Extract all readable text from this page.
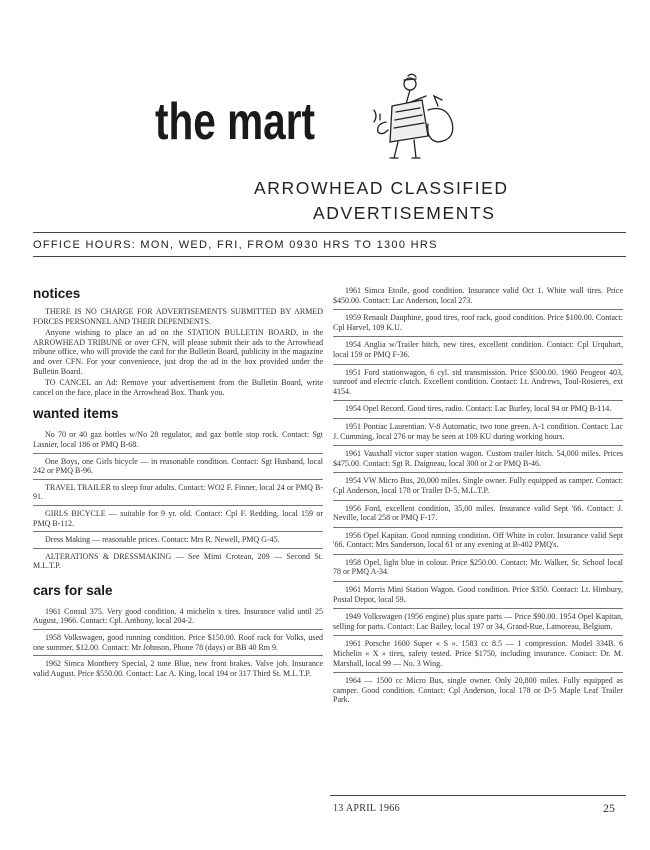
the mart
ARROWHEAD CLASSIFIED
ADVERTISEMENTS
OFFICE HOURS: MON, WED, FRI, FROM 0930 HRS TO 1300 HRS
notices

THERE IS NO CHARGE FOR ADVERTISEMENTS SUBMITTED BY ARMED FORCES PERSONNEL AND THEIR DEPENDENTS.

Anyone wishing to place an ad on the STATION BULLETIN BOARD, in the ARROWHEAD TRIBUNE or over CFN, will please submit their ads to the Arrowhead tribune office, who will provide the card for the Bulletin Board, publicity in the magazine and over CFN. For your convenience, just drop the ad in the box provided under the Bulletin Board.

TO CANCEL an Ad: Remove your advertisement from the Bulletin Board, write cancel on the face, place in the Arrowhead Box. Thank you.

wanted items
No 70 or 40 gaz bottles w/No 28 regulator, and gaz bottle stop rock. Contact: Sgt Lasnier, local 186 or PMQ B-68.
One Boys, one Girls bicycle — in reasonable condition. Contact: Sgt Husband, local 242 or PMQ B-96.
TRAVEL TRAILER to sleep four adults. Contact: WO2 F. Finner, local 24 or PMQ B-91.
GIRLS BICYCLE — suitable for 9 yr. old. Contact: Cpl F. Redding, local 159 or PMQ B-112.
Dress Making — reasonable prices. Contact: Mrs R. Newell, PMQ G-45.
ALTERATIONS & DRESSMAKING — See Mimi Crotean, 209 — Second St. M.L.T.P.
cars for sale
1961 Consul 375. Very good condition. 4 michelin x tires. Insurance valid until 25 August, 1966. Contact: Cpl. Anthony, local 204-2.
1958 Volkswagen, good running condition. Price $150.00. Roof rack for Volks, used one summer, $12.00. Contact: Mr Johnson, Phone 78 (days) or BB 40 Rm 9.
1962 Simca Monthery Special, 2 tone Blue, new front brakes. Valve job. Insurance valid August. Price $550.00. Contact: Lac A. King, local 194 or 317 Third St. M.L.T.P.
1961 Simca Etoile, good condition. Insurance valid Oct 1. White wall tires. Price $450.00. Contact: Lac Anderson, local 273.
1959 Renault Dauphine, good tires, roof rack, good condition. Price $100.00. Contact: Cpl Harvel, 109 K.U.
1954 Anglia w/Trailer hitch, new tires, excellent condition. Contact: Cpl Urquhart, local 159 or PMQ F-36.
1951 Ford stationwagon, 6 cyl. std transmission. Price $500.00. 1960 Peugeot 403, sunroof and electric clutch. Excellent condition. Contact: Lt. Andrews, Toul-Rosieres, ext 4154.
1954 Opel Record. Good tires, radio. Contact: Lac Burley, local 94 or PMQ B-114.
1951 Pontiac Laurentian. V-8 Automatic, two tone green. A-1 condition. Contact: Lac J. Cumming, local 276 or may be seen at 109 KU during working hours.
1961 Vauxhall victor super station wagon. Custom trailer hitch. 54,000 miles. Prices $475.00. Contact: Sgt R. Daigneau, local 300 or 2 or PMQ B-46.
1954 VW Micro Bus, 20,000 miles. Single owner. Fully equipped as camper. Contact: Cpl Anderson, local 178 or Trailer D-5, M.L.T.P.
1956 Ford, excellent condition, 35,00 miles. Insurance valid Sept '66. Contact: J. Neville, local 258 or PMQ F-17.
1956 Opel Kapitan. Good running condition. Off White in color. Insurance valid Sept '66. Contact: Mrs Sanderson, local 61 or any evening at B-402 PMQ's.
1958 Opel, light blue in colour. Price $250.00. Contact: Mr. Walker, Sr. School local 78 or PMQ A-34.
1961 Morris Mini Station Wagon. Good condition. Price $350. Contact: Lt. Himbury, Postal Depot, local 59.
1949 Volkswagen (1956 engine) plus spare parts — Price $90.00. 1954 Opel Kapitan, selling for parts. Contact: Lac Bailey, local 197 or 34, Grand-Rue, Lamoreau, Belgium.
1961 Porsche 1600 Super « S ». 1583 cc 8.5 — 1 compression. Model 334B. 6 Michelin « X » tires, safety tested. Price $1750, including insurance. Contact: Dr. M. Marshall, local 99 — No. 3 Wing.
1964 — 1500 cc Micro Bus, single owner. Only 20,800 miles. Fully equipped as camper. Good condition. Contact: Cpl Anderson, local 178 or D-5 Maple Leaf Trailer Park.
13 APRIL 1966	25
